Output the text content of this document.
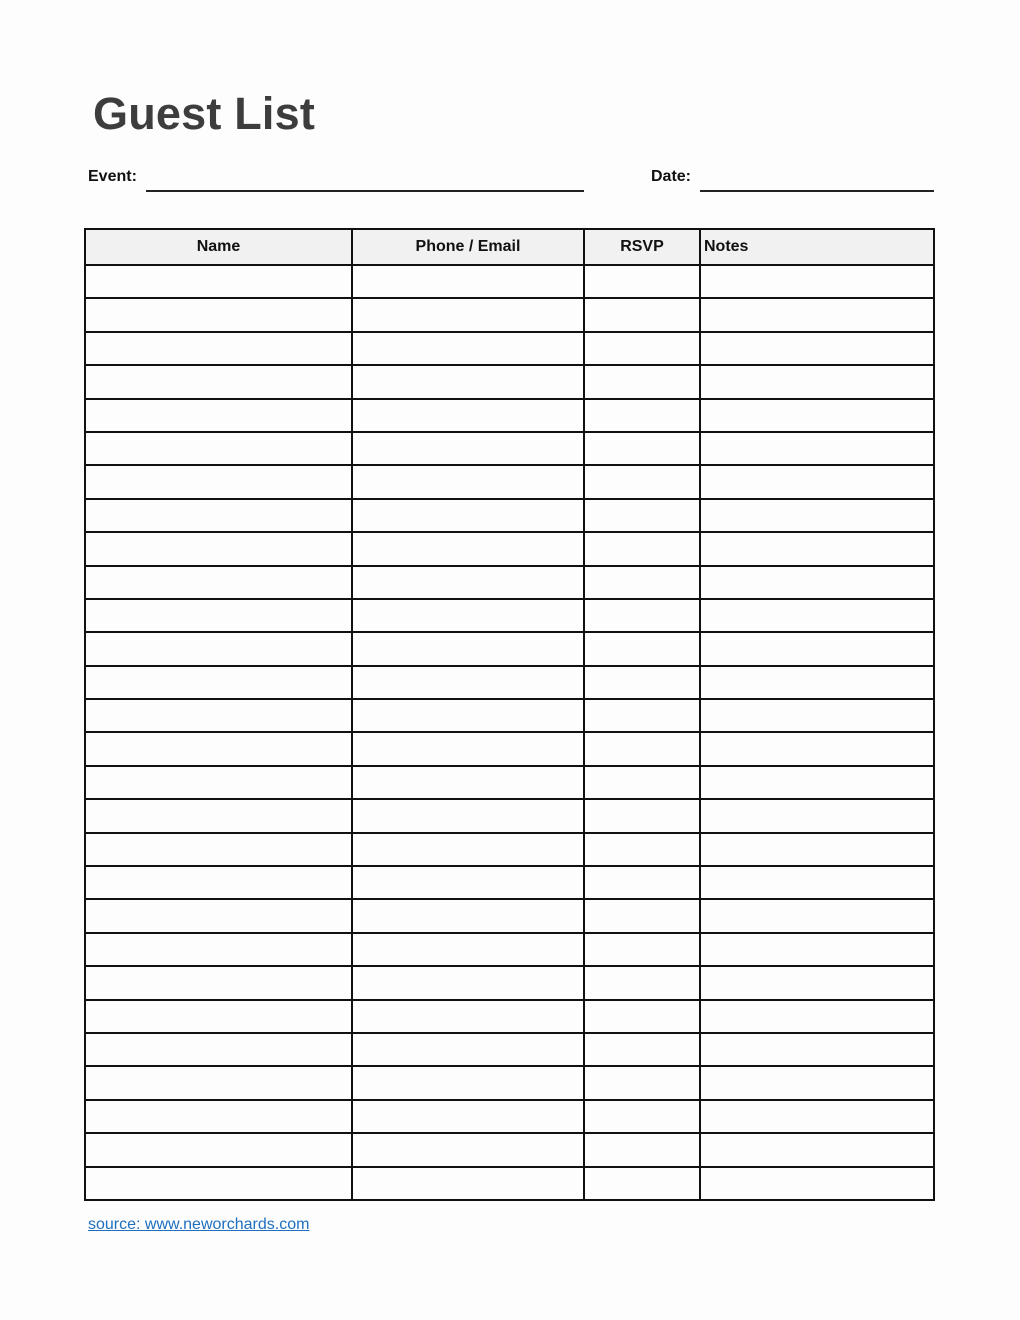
Guest List
Event:	Date:
Name	Phone / Email	RSVP	Notes

source: www.neworchards.com
